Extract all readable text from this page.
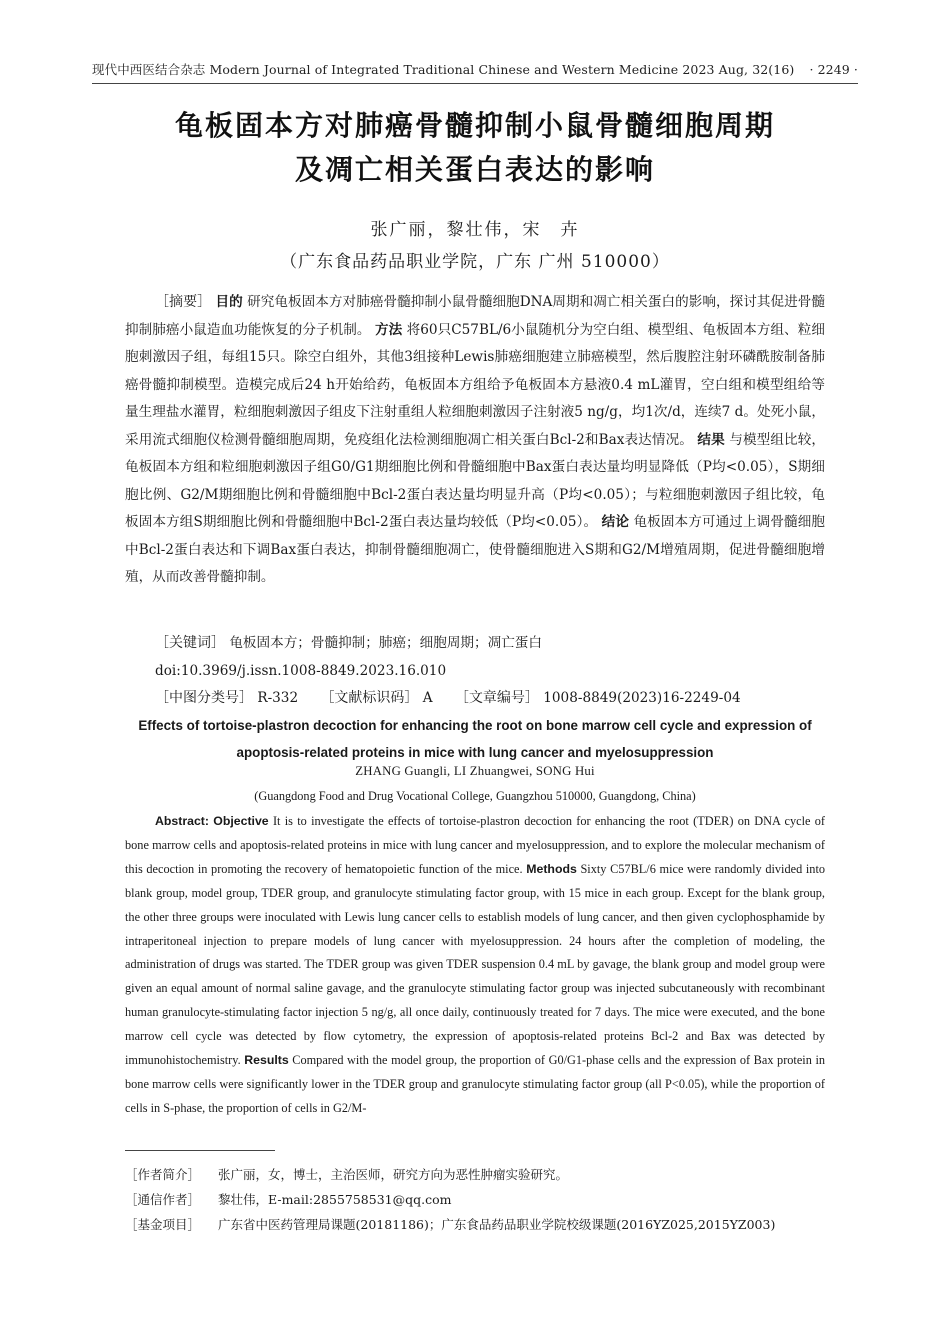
现代中西医结合杂志 Modern Journal of Integrated Traditional Chinese and Western Medicine 2023 Aug, 32(16) · 2249 ·
龟板固本方对肺癌骨髓抑制小鼠骨髓细胞周期
及凋亡相关蛋白表达的影响
张广丽，黎壮伟，宋　卉
（广东食品药品职业学院，广东 广州 510000）
［摘要］ 目的 研究龟板固本方对肺癌骨髓抑制小鼠骨髓细胞DNA周期和凋亡相关蛋白的影响，探讨其促进骨髓抑制肺癌小鼠造血功能恢复的分子机制。 方法 将60只C57BL/6小鼠随机分为空白组、模型组、龟板固本方组、粒细胞刺激因子组，每组15只。除空白组外，其他3组接种Lewis肺癌细胞建立肺癌模型，然后腹腔注射环磷酰胺制备肺癌骨髓抑制模型。造模完成后24 h开始给药，龟板固本方组给予龟板固本方悬液0.4 mL灌胃，空白组和模型组给等量生理盐水灌胃，粒细胞刺激因子组皮下注射重组人粒细胞刺激因子注射液5 ng/g，均1次/d，连续7 d。处死小鼠，采用流式细胞仪检测骨髓细胞周期，免疫组化法检测细胞凋亡相关蛋白Bcl-2和Bax表达情况。 结果 与模型组比较，龟板固本方组和粒细胞刺激因子组G0/G1期细胞比例和骨髓细胞中Bax蛋白表达量均明显降低（P均<0.05），S期细胞比例、G2/M期细胞比例和骨髓细胞中Bcl-2蛋白表达量均明显升高（P均<0.05）；与粒细胞刺激因子组比较，龟板固本方组S期细胞比例和骨髓细胞中Bcl-2蛋白表达量均较低（P均<0.05）。 结论 龟板固本方可通过上调骨髓细胞中Bcl-2蛋白表达和下调Bax蛋白表达，抑制骨髓细胞凋亡，使骨髓细胞进入S期和G2/M增殖周期，促进骨髓细胞增殖，从而改善骨髓抑制。
［关键词］ 龟板固本方；骨髓抑制；肺癌；细胞周期；凋亡蛋白
doi:10.3969/j.issn.1008-8849.2023.16.010
［中图分类号］ R-332 ［文献标识码］ A ［文章编号］ 1008-8849(2023)16-2249-04
Effects of tortoise-plastron decoction for enhancing the root on bone marrow cell cycle and expression of
apoptosis-related proteins in mice with lung cancer and myelosuppression
ZHANG Guangli, LI Zhuangwei, SONG Hui
(Guangdong Food and Drug Vocational College, Guangzhou 510000, Guangdong, China)

Abstract: Objective It is to investigate the effects of tortoise-plastron decoction for enhancing the root (TDER) on DNA cycle of bone marrow cells and apoptosis-related proteins in mice with lung cancer and myelosuppression, and to explore the molecular mechanism of this decoction in promoting the recovery of hematopoietic function of the mice. Methods Sixty C57BL/6 mice were randomly divided into blank group, model group, TDER group, and granulocyte stimulating factor group, with 15 mice in each group. Except for the blank group, the other three groups were inoculated with Lewis lung cancer cells to establish models of lung cancer, and then given cyclophosphamide by intraperitoneal injection to prepare models of lung cancer with myelosuppression. 24 hours after the completion of modeling, the administration of drugs was started. The TDER group was given TDER suspension 0.4 mL by gavage, the blank group and model group were given an equal amount of normal saline gavage, and the granulocyte stimulating factor group was injected subcutaneously with recombinant human granulocyte-stimulating factor injection 5 ng/g, all once daily, continuously treated for 7 days. The mice were executed, and the bone marrow cell cycle was detected by flow cytometry, the expression of apoptosis-related proteins Bcl-2 and Bax was detected by immunohistochemistry. Results Compared with the model group, the proportion of G0/G1-phase cells and the expression of Bax protein in bone marrow cells were significantly lower in the TDER group and granulocyte stimulating factor group (all P<0.05), while the proportion of cells in S-phase, the proportion of cells in G2/M-

［作者简介］ 张广丽，女，博士，主治医师，研究方向为恶性肿瘤实验研究。
［通信作者］ 黎壮伟，E-mail:2855758531@qq.com
［基金项目］ 广东省中医药管理局课题(20181186)；广东食品药品职业学院校级课题(2016YZ025,2015YZ003)
